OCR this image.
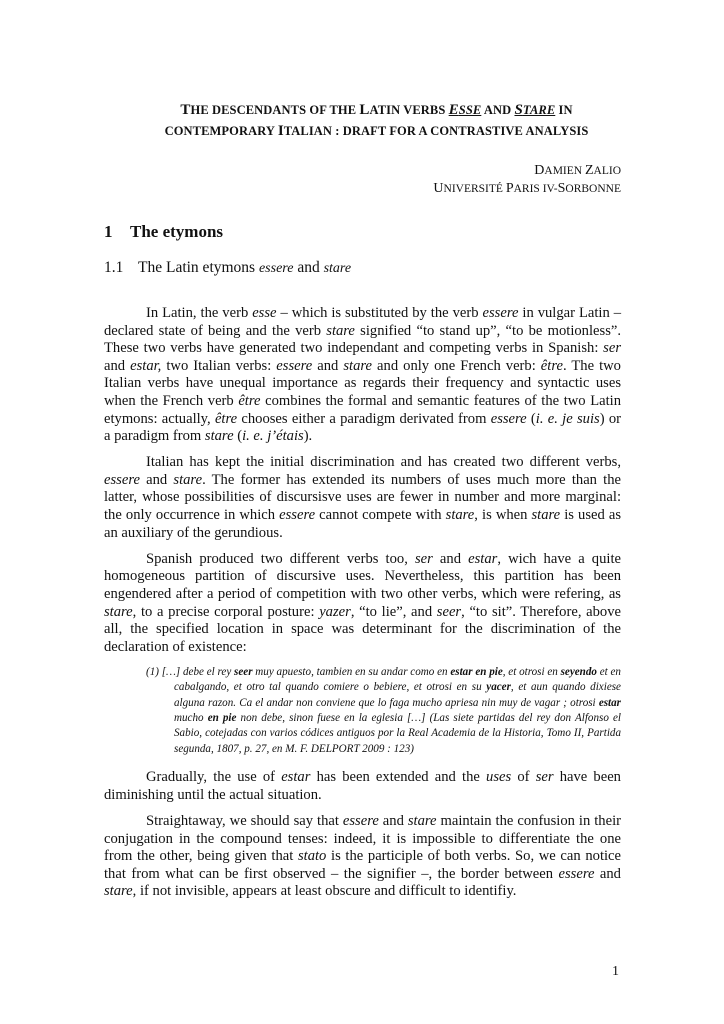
THE DESCENDANTS OF THE LATIN VERBS ESSE AND STARE IN
CONTEMPORARY ITALIAN : DRAFT FOR A CONTRASTIVE ANALYSIS
DAMIEN ZALIO
UNIVERSITÉ PARIS IV-SORBONNE
1 The etymons
1.1 The Latin etymons essere and stare

In Latin, the verb esse – which is substituted by the verb essere in vulgar Latin – declared state of being and the verb stare signified “to stand up”, “to be motionless”. These two verbs have generated two independant and competing verbs in Spanish: ser and estar, two Italian verbs: essere and stare and only one French verb: être. The two Italian verbs have unequal importance as regards their frequency and syntactic uses when the French verb être combines the formal and semantic features of the two Latin etymons: actually, être chooses either a paradigm derivated from essere (i. e. je suis) or a paradigm from stare (i. e. j’étais).

Italian has kept the initial discrimination and has created two different verbs, essere and stare. The former has extended its numbers of uses much more than the latter, whose possibilities of discursisve uses are fewer in number and more marginal: the only occurrence in which essere cannot compete with stare, is when stare is used as an auxiliary of the gerundious.

Spanish produced two different verbs too, ser and estar, wich have a quite homogeneous partition of discursive uses. Nevertheless, this partition has been engendered after a period of competition with two other verbs, which were refering, as stare, to a precise corporal posture: yazer, “to lie”, and seer, “to sit”. Therefore, above all, the specified location in space was determinant for the discrimination of the declaration of existence:

(1) […] debe el rey seer muy apuesto, tambien en su andar como en estar en pie, et otrosi en seyendo et en cabalgando, et otro tal quando comiere o bebiere, et otrosi en su yacer, et aun quando dixiese alguna razon. Ca el andar non conviene que lo faga mucho apriesa nin muy de vagar ; otrosi estar mucho en pie non debe, sinon fuese en la eglesia […] (Las siete partidas del rey don Alfonso el Sabio, cotejadas con varios códices antiguos por la Real Academia de la Historia, Tomo II, Partida segunda, 1807, p. 27, en M. F. DELPORT 2009 : 123)

Gradually, the use of estar has been extended and the uses of ser have been diminishing until the actual situation.

Straightaway, we should say that essere and stare maintain the confusion in their conjugation in the compound tenses: indeed, it is impossible to differentiate the one from the other, being given that stato is the participle of both verbs. So, we can notice that from what can be first observed – the signifier –, the border between essere and stare, if not invisible, appears at least obscure and difficult to identifiy.

1
